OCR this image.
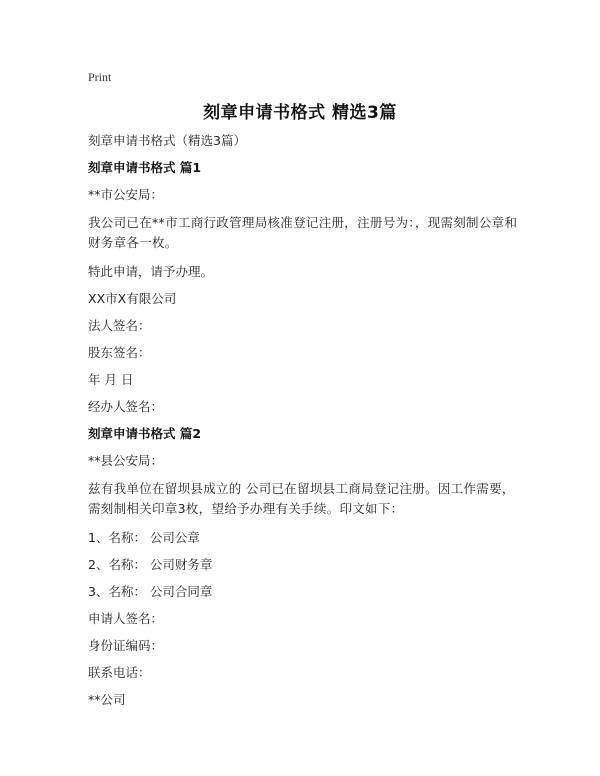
Print
刻章申请书格式 精选3篇
刻章申请书格式（精选3篇）
刻章申请书格式 篇1
**市公安局：
我公司已在**市工商行政管理局核准登记注册，注册号为：，现需刻制公章和财务章各一枚。
特此申请，请予办理。
XX市X有限公司
法人签名：
股东签名：
年 月 日
经办人签名：
刻章申请书格式 篇2
**县公安局：
兹有我单位在留坝县成立的 公司已在留坝县工商局登记注册。因工作需要，需刻制相关印章3枚，望给予办理有关手续。印文如下：
1、名称： 公司公章
2、名称： 公司财务章
3、名称： 公司合同章
申请人签名：
身份证编码：
联系电话：
**公司
